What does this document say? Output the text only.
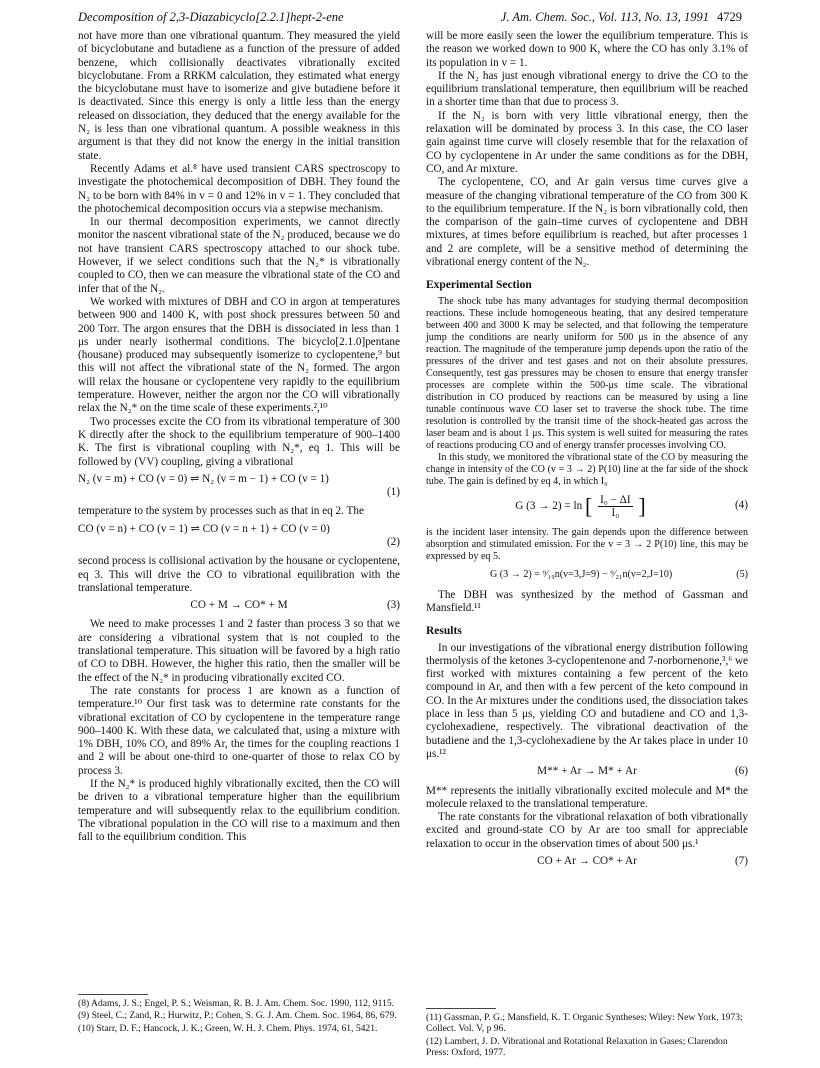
Decomposition of 2,3-Diazabicyclo[2.2.1]hept-2-ene	J. Am. Chem. Soc., Vol. 113, No. 13, 1991 4729

not have more than one vibrational quantum. They measured the yield of bicyclobutane and butadiene as a function of the pressure of added benzene, which collisionally deactivates vibrationally excited bicyclobutane. From a RRKM calculation, they estimated what energy the bicyclobutane must have to isomerize and give butadiene before it is deactivated. Since this energy is only a little less than the energy released on dissociation, they deduced that the energy available for the N₂ is less than one vibrational quantum. A possible weakness in this argument is that they did not know the energy in the initial transition state.

Recently Adams et al.⁸ have used transient CARS spectroscopy to investigate the photochemical decomposition of DBH. They found the N₂ to be born with 84% in v = 0 and 12% in v = 1. They concluded that the photochemical decomposition occurs via a stepwise mechanism.

In our thermal decomposition experiments, we cannot directly monitor the nascent vibrational state of the N₂ produced, because we do not have transient CARS spectroscopy attached to our shock tube. However, if we select conditions such that the N₂* is vibrationally coupled to CO, then we can measure the vibrational state of the CO and infer that of the N₂.

We worked with mixtures of DBH and CO in argon at temperatures between 900 and 1400 K, with post shock pressures between 50 and 200 Torr. The argon ensures that the DBH is dissociated in less than 1 μs under nearly isothermal conditions. The bicyclo[2.1.0]pentane (housane) produced may subsequently isomerize to cyclopentene,⁹ but this will not affect the vibrational state of the N₂ formed. The argon will relax the housane or cyclopentene very rapidly to the equilibrium temperature. However, neither the argon nor the CO will vibrationally relax the N₂* on the time scale of these experiments.²,¹⁰

Two processes excite the CO from its vibrational temperature of 300 K directly after the shock to the equilibrium temperature of 900–1400 K. The first is vibrational coupling with N₂*, eq 1. This will be followed by (VV) coupling, giving a vibrational

N₂ (v = m) + CO (v = 0) ⇌ N₂ (v = m − 1) + CO (v = 1)
(1)

temperature to the system by processes such as that in eq 2. The

CO (v = n) + CO (v = 1) ⇌ CO (v = n + 1) + CO (v = 0)
(2)

second process is collisional activation by the housane or cyclopentene, eq 3. This will drive the CO to vibrational equilibration with the translational temperature.

CO + M → CO* + M	(3)

We need to make processes 1 and 2 faster than process 3 so that we are considering a vibrational system that is not coupled to the translational temperature. This situation will be favored by a high ratio of CO to DBH. However, the higher this ratio, then the smaller will be the effect of the N₂* in producing vibrationally excited CO.

The rate constants for process 1 are known as a function of temperature.¹⁰ Our first task was to determine rate constants for the vibrational excitation of CO by cyclopentene in the temperature range 900–1400 K. With these data, we calculated that, using a mixture with 1% DBH, 10% CO, and 89% Ar, the times for the coupling reactions 1 and 2 will be about one-third to one-quarter of those to relax CO by process 3.

If the N₂* is produced highly vibrationally excited, then the CO will be driven to a vibrational temperature higher than the equilibrium temperature and will subsequently relax to the equilibrium condition. The vibrational population in the CO will rise to a maximum and then fall to the equilibrium condition. This

(8) Adams, J. S.; Engel, P. S.; Weisman, R. B. J. Am. Chem. Soc. 1990, 112, 9115.

(9) Steel, C.; Zand, R.; Hurwitz, P.; Cohen, S. G. J. Am. Chem. Soc. 1964, 86, 679.

(10) Starr, D. F.; Hancock, J. K.; Green, W. H. J. Chem. Phys. 1974, 61, 5421.

will be more easily seen the lower the equilibrium temperature. This is the reason we worked down to 900 K, where the CO has only 3.1% of its population in v = 1.

If the N₂ has just enough vibrational energy to drive the CO to the equilibrium translational temperature, then equilibrium will be reached in a shorter time than that due to process 3.

If the N₂ is born with very little vibrational energy, then the relaxation will be dominated by process 3. In this case, the CO laser gain against time curve will closely resemble that for the relaxation of CO by cyclopentene in Ar under the same conditions as for the DBH, CO, and Ar mixture.

The cyclopentene, CO, and Ar gain versus time curves give a measure of the changing vibrational temperature of the CO from 300 K to the equilibrium temperature. If the N₂ is born vibrationally cold, then the comparison of the gain–time curves of cyclopentene and DBH mixtures, at times before equilibrium is reached, but after processes 1 and 2 are complete, will be a sensitive method of determining the vibrational energy content of the N₂.

Experimental Section

The shock tube has many advantages for studying thermal decomposition reactions. These include homogeneous heating, that any desired temperature between 400 and 3000 K may be selected, and that following the temperature jump the conditions are nearly uniform for 500 μs in the absence of any reaction. The magnitude of the temperature jump depends upon the ratio of the pressures of the driver and test gases and not on their absolute pressures. Consequently, test gas pressures may be chosen to ensure that energy transfer processes are complete within the 500-μs time scale. The vibrational distribution in CO produced by reactions can be measured by using a line tunable continuous wave CO laser set to traverse the shock tube. The time resolution is controlled by the transit time of the shock-heated gas across the laser beam and is about 1 μs. This system is well suited for measuring the rates of reactions producing CO and of energy transfer processes involving CO.

In this study, we monitored the vibrational state of the CO by measuring the change in intensity of the CO (v = 3 → 2) P(10) line at the far side of the shock tube. The gain is defined by eq 4, in which I₀

G (3 → 2) = ln [ $\frac{\text{I₀ − ΔI}}{\text{I₀}}$ ]	(4)

is the incident laser intensity. The gain depends upon the difference between absorption and stimulated emission. For the v = 3 → 2 P(10) line, this may be expressed by eq 5.

G (3 → 2) = ⁹⁄₁₉n(v=3,J=9) − ⁹⁄₂₁n(v=2,J=10)	(5)

The DBH was synthesized by the method of Gassman and Mansfield.¹¹

Results

In our investigations of the vibrational energy distribution following thermolysis of the ketones 3-cyclopentenone and 7-norbornenone,³,⁶ we first worked with mixtures containing a few percent of the keto compound in Ar, and then with a few percent of the keto compound in CO. In the Ar mixtures under the conditions used, the dissociation takes place in less than 5 μs, yielding CO and butadiene and CO and 1,3-cyclohexadiene, respectively. The vibrational deactivation of the butadiene and the 1,3-cyclohexadiene by the Ar takes place in under 10 μs.¹²

M** + Ar → M* + Ar	(6)

M** represents the initially vibrationally excited molecule and M* the molecule relaxed to the translational temperature.

The rate constants for the vibrational relaxation of both vibrationally excited and ground-state CO by Ar are too small for appreciable relaxation to occur in the observation times of about 500 μs.¹

CO + Ar → CO* + Ar	(7)

(11) Gassman, P. G.; Mansfield, K. T. Organic Syntheses; Wiley: New York, 1973; Collect. Vol. V, p 96.

(12) Lambert, J. D. Vibrational and Rotational Relaxation in Gases; Clarendon Press: Oxford, 1977.
